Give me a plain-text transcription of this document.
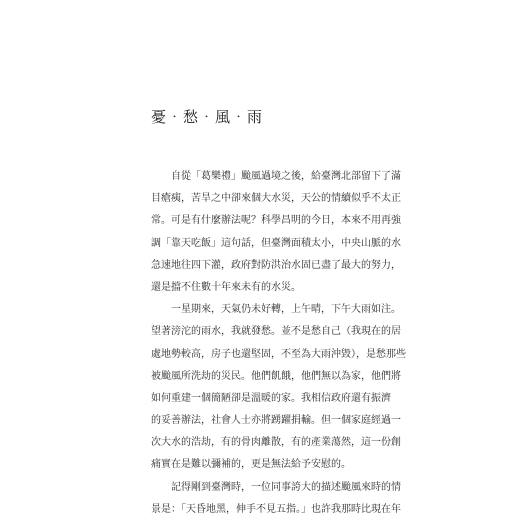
憂‧愁‧風‧雨
自從「葛樂禮」颱風過境之後，給臺灣北部留下了滿
目瘡痍，苦旱之中卻來個大水災，天公的情續似乎不太正
常。可是有什麼辦法呢？科學昌明的今日，本來不用再強
調「靠天吃飯」這句話，但臺灣面積太小，中央山脈的水
急速地往四下灌，政府對防洪治水固已盡了最大的努力，
還是擋不住數十年來未有的水災。
一星期來，天氣仍未好轉，上午晴，下午大雨如注。
望著滂沱的雨水，我就發愁。並不是愁自己（我現在的居
處地勢較高，房子也還堅固，不至為大雨沖毀），是愁那些
被颱風所洗劫的災民。他們飢餓，他們無以為家，他們將
如何重建一個簡陋卻是溫暖的家。我相信政府還有振濟
的妥善辦法，社會人士亦將踴躍捐輸。但一個家庭經過一
次大水的浩劫，有的骨肉離散，有的產業蕩然，這一份創
痛實在是難以彌補的，更是無法給予安慰的。
記得剛到臺灣時，一位同事誇大的描述颱風來時的情
景是：「天昏地黑，伸手不見五指。」也許我那時比現在年
